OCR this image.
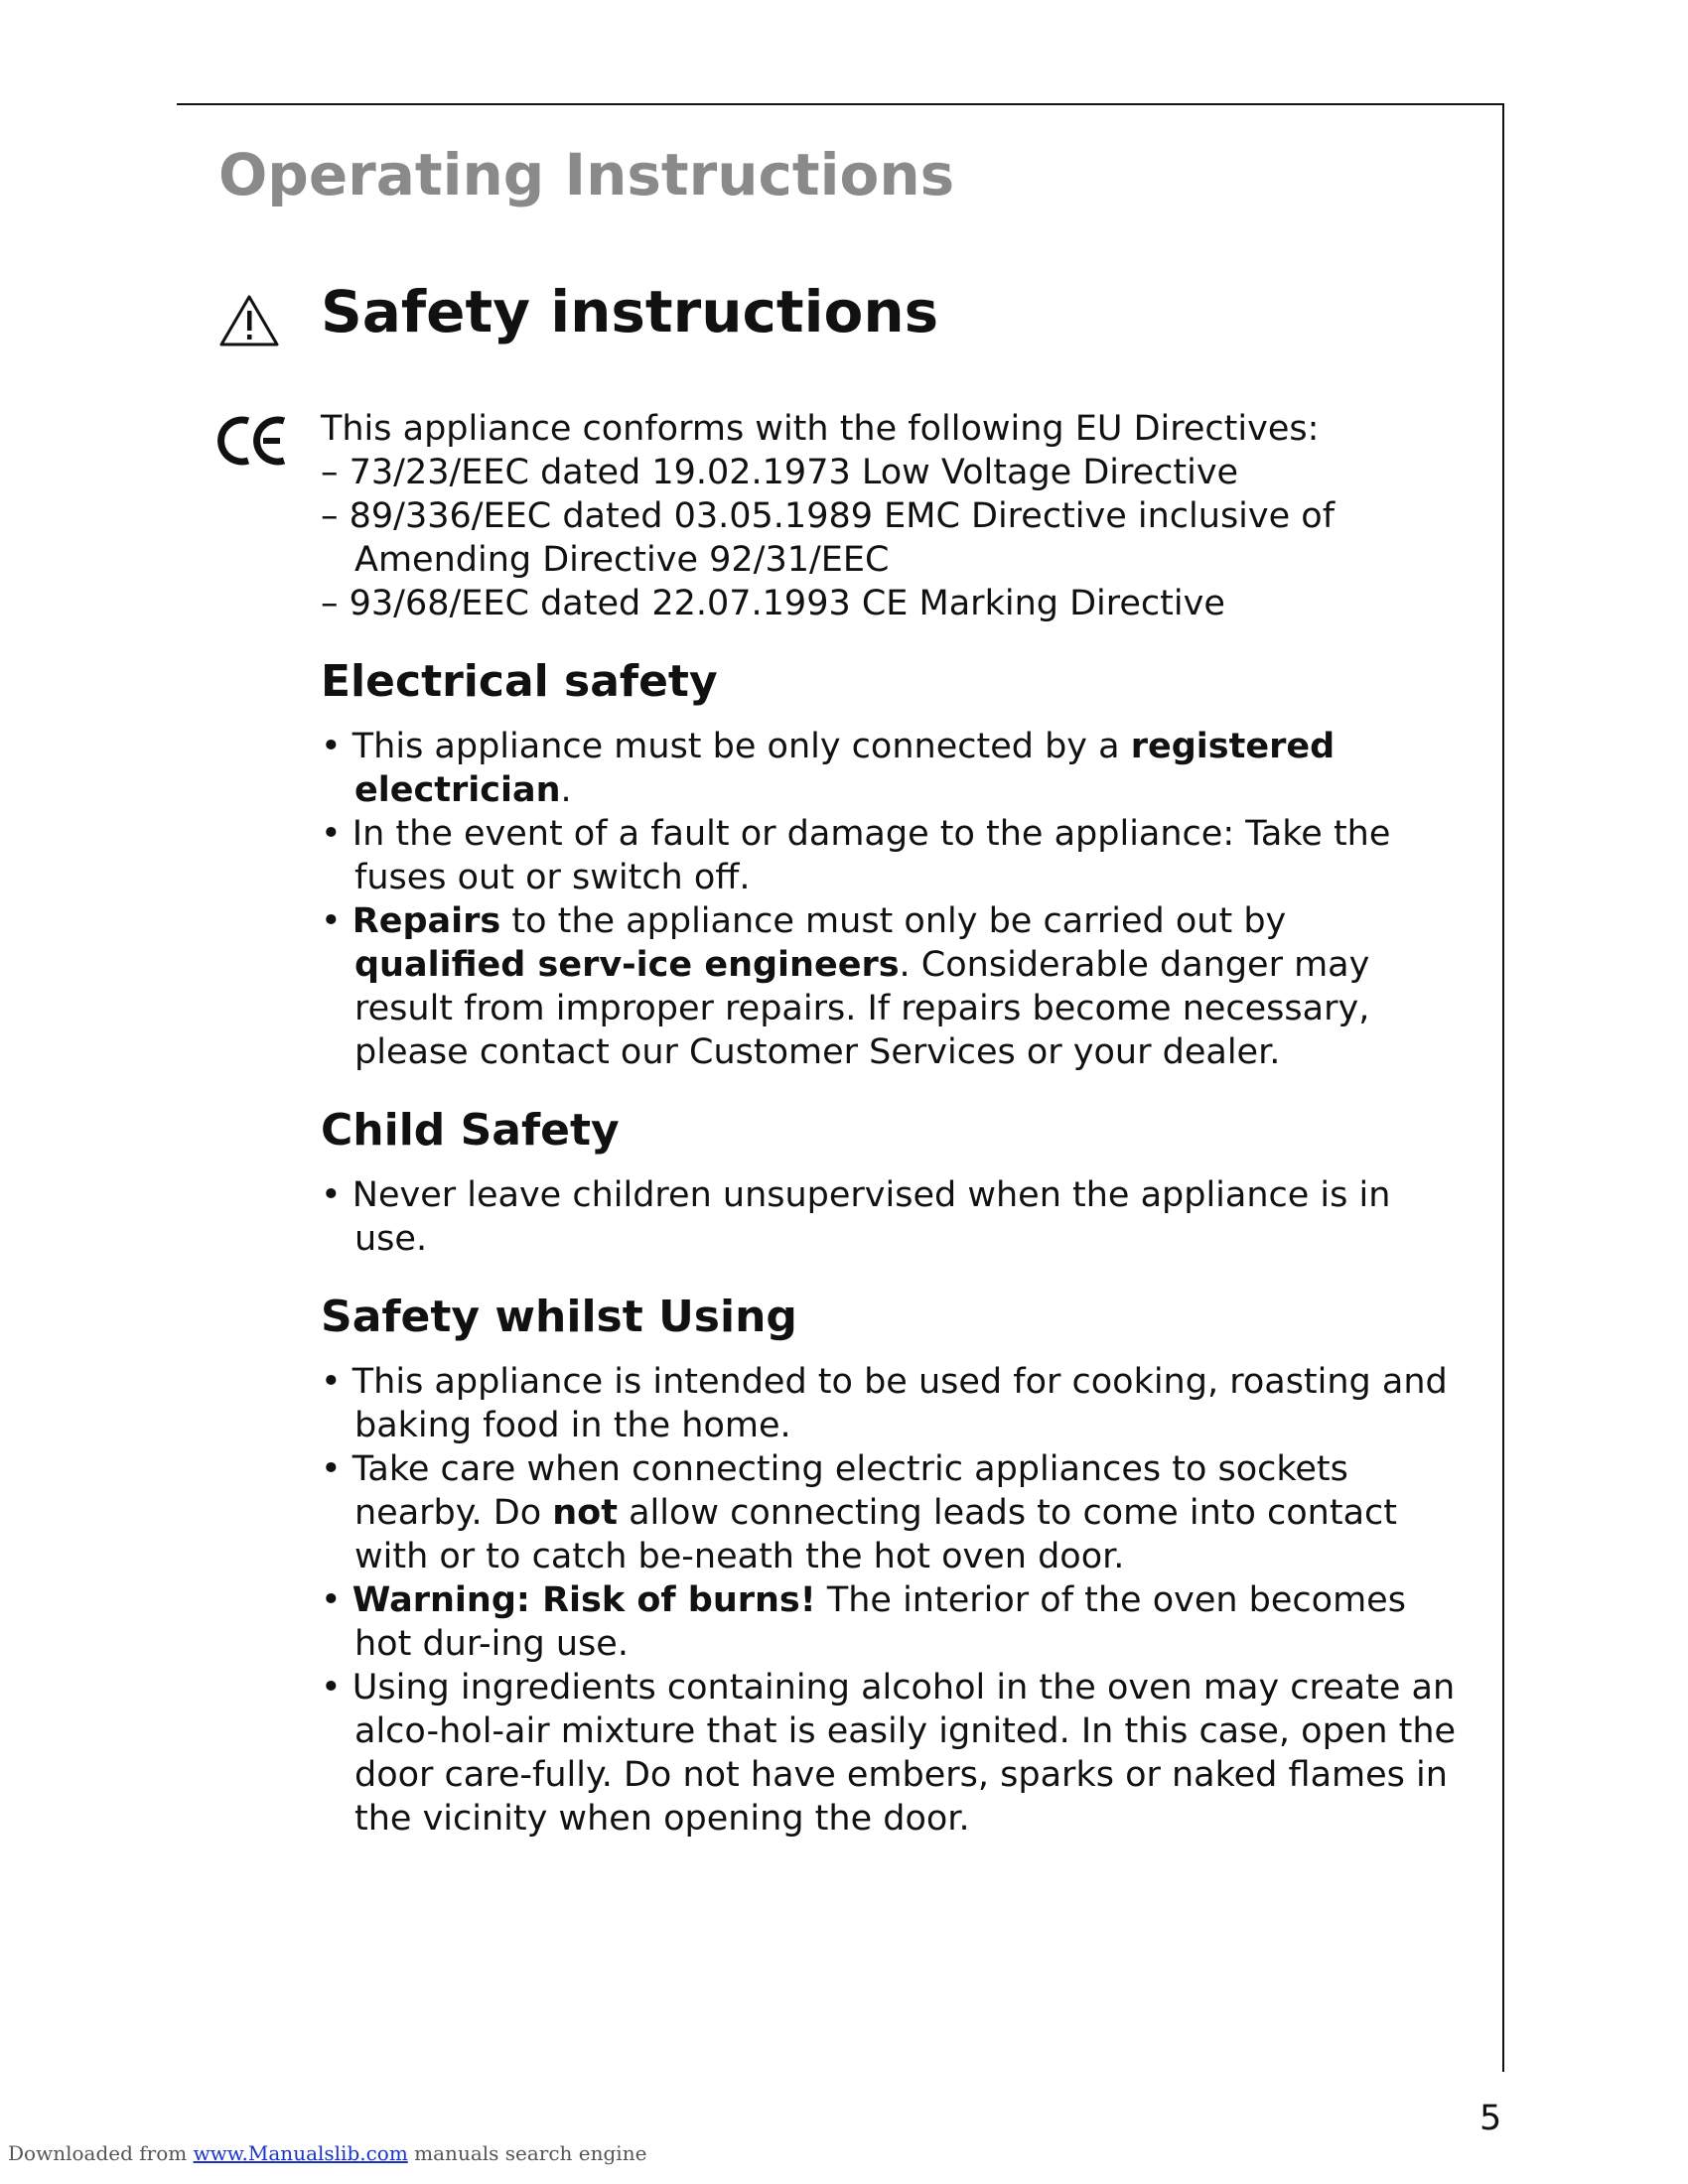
Operating Instructions
Safety instructions

This appliance conforms with the following EU Directives:

– 73/23/EEC dated 19.02.1973 Low Voltage Directive

– 89/336/EEC dated 03.05.1989 EMC Directive inclusive of Amending Directive 92/31/EEC

– 93/68/EEC dated 22.07.1993 CE Marking Directive

Electrical safety

• This appliance must be only connected by a registered electrician.

• In the event of a fault or damage to the appliance: Take the fuses out or switch off.

• Repairs to the appliance must only be carried out by qualified serv-ice engineers. Considerable danger may result from improper repairs. If repairs become necessary, please contact our Customer Services or your dealer.

Child Safety

• Never leave children unsupervised when the appliance is in use.

Safety whilst Using

• This appliance is intended to be used for cooking, roasting and baking food in the home.

• Take care when connecting electric appliances to sockets nearby. Do not allow connecting leads to come into contact with or to catch be-neath the hot oven door.

• Warning: Risk of burns! The interior of the oven becomes hot dur-ing use.

• Using ingredients containing alcohol in the oven may create an alco-hol-air mixture that is easily ignited. In this case, open the door care-fully. Do not have embers, sparks or naked flames in the vicinity when opening the door.

5
Downloaded from www.Manualslib.com manuals search engine
